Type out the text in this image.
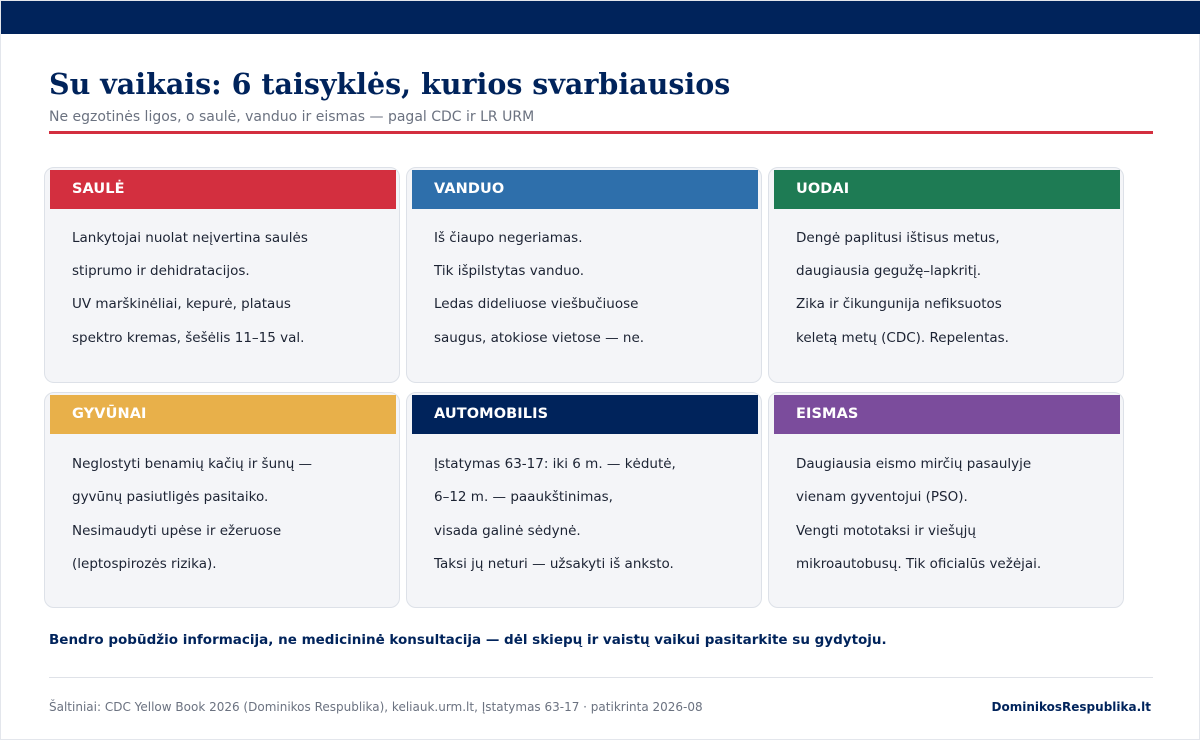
Su vaikais: 6 taisyklės, kurios svarbiausios
Ne egzotinės ligos, o saulė, vanduo ir eismas — pagal CDC ir LR URM
SAULĖ
Lankytojai nuolat neįvertina saulės
stiprumo ir dehidratacijos.
UV marškinėliai, kepurė, plataus
spektro kremas, šešėlis 11–15 val.
VANDUO
Iš čiaupo negeriamas.
Tik išpilstytas vanduo.
Ledas dideliuose viešbučiuose
saugus, atokiose vietose — ne.
UODAI
Dengė paplitusi ištisus metus,
daugiausia gegužę–lapkritį.
Zika ir čikungunija nefiksuotos
keletą metų (CDC). Repelentas.
GYVŪNAI
Neglostyti benamių kačių ir šunų —
gyvūnų pasiutligės pasitaiko.
Nesimaudyti upėse ir ežeruose
(leptospirozės rizika).
AUTOMOBILIS
Įstatymas 63-17: iki 6 m. — kėdutė,
6–12 m. — paaukštinimas,
visada galinė sėdynė.
Taksi jų neturi — užsakyti iš anksto.
EISMAS
Daugiausia eismo mirčių pasaulyje
vienam gyventojui (PSO).
Vengti mototaksi ir viešųjų
mikroautobusų. Tik oficialūs vežėjai.
Bendro pobūdžio informacija, ne medicininė konsultacija — dėl skiepų ir vaistų vaikui pasitarkite su gydytoju.
Šaltiniai: CDC Yellow Book 2026 (Dominikos Respublika), keliauk.urm.lt, Įstatymas 63-17 · patikrinta 2026-08	DominikosRespublika.lt
